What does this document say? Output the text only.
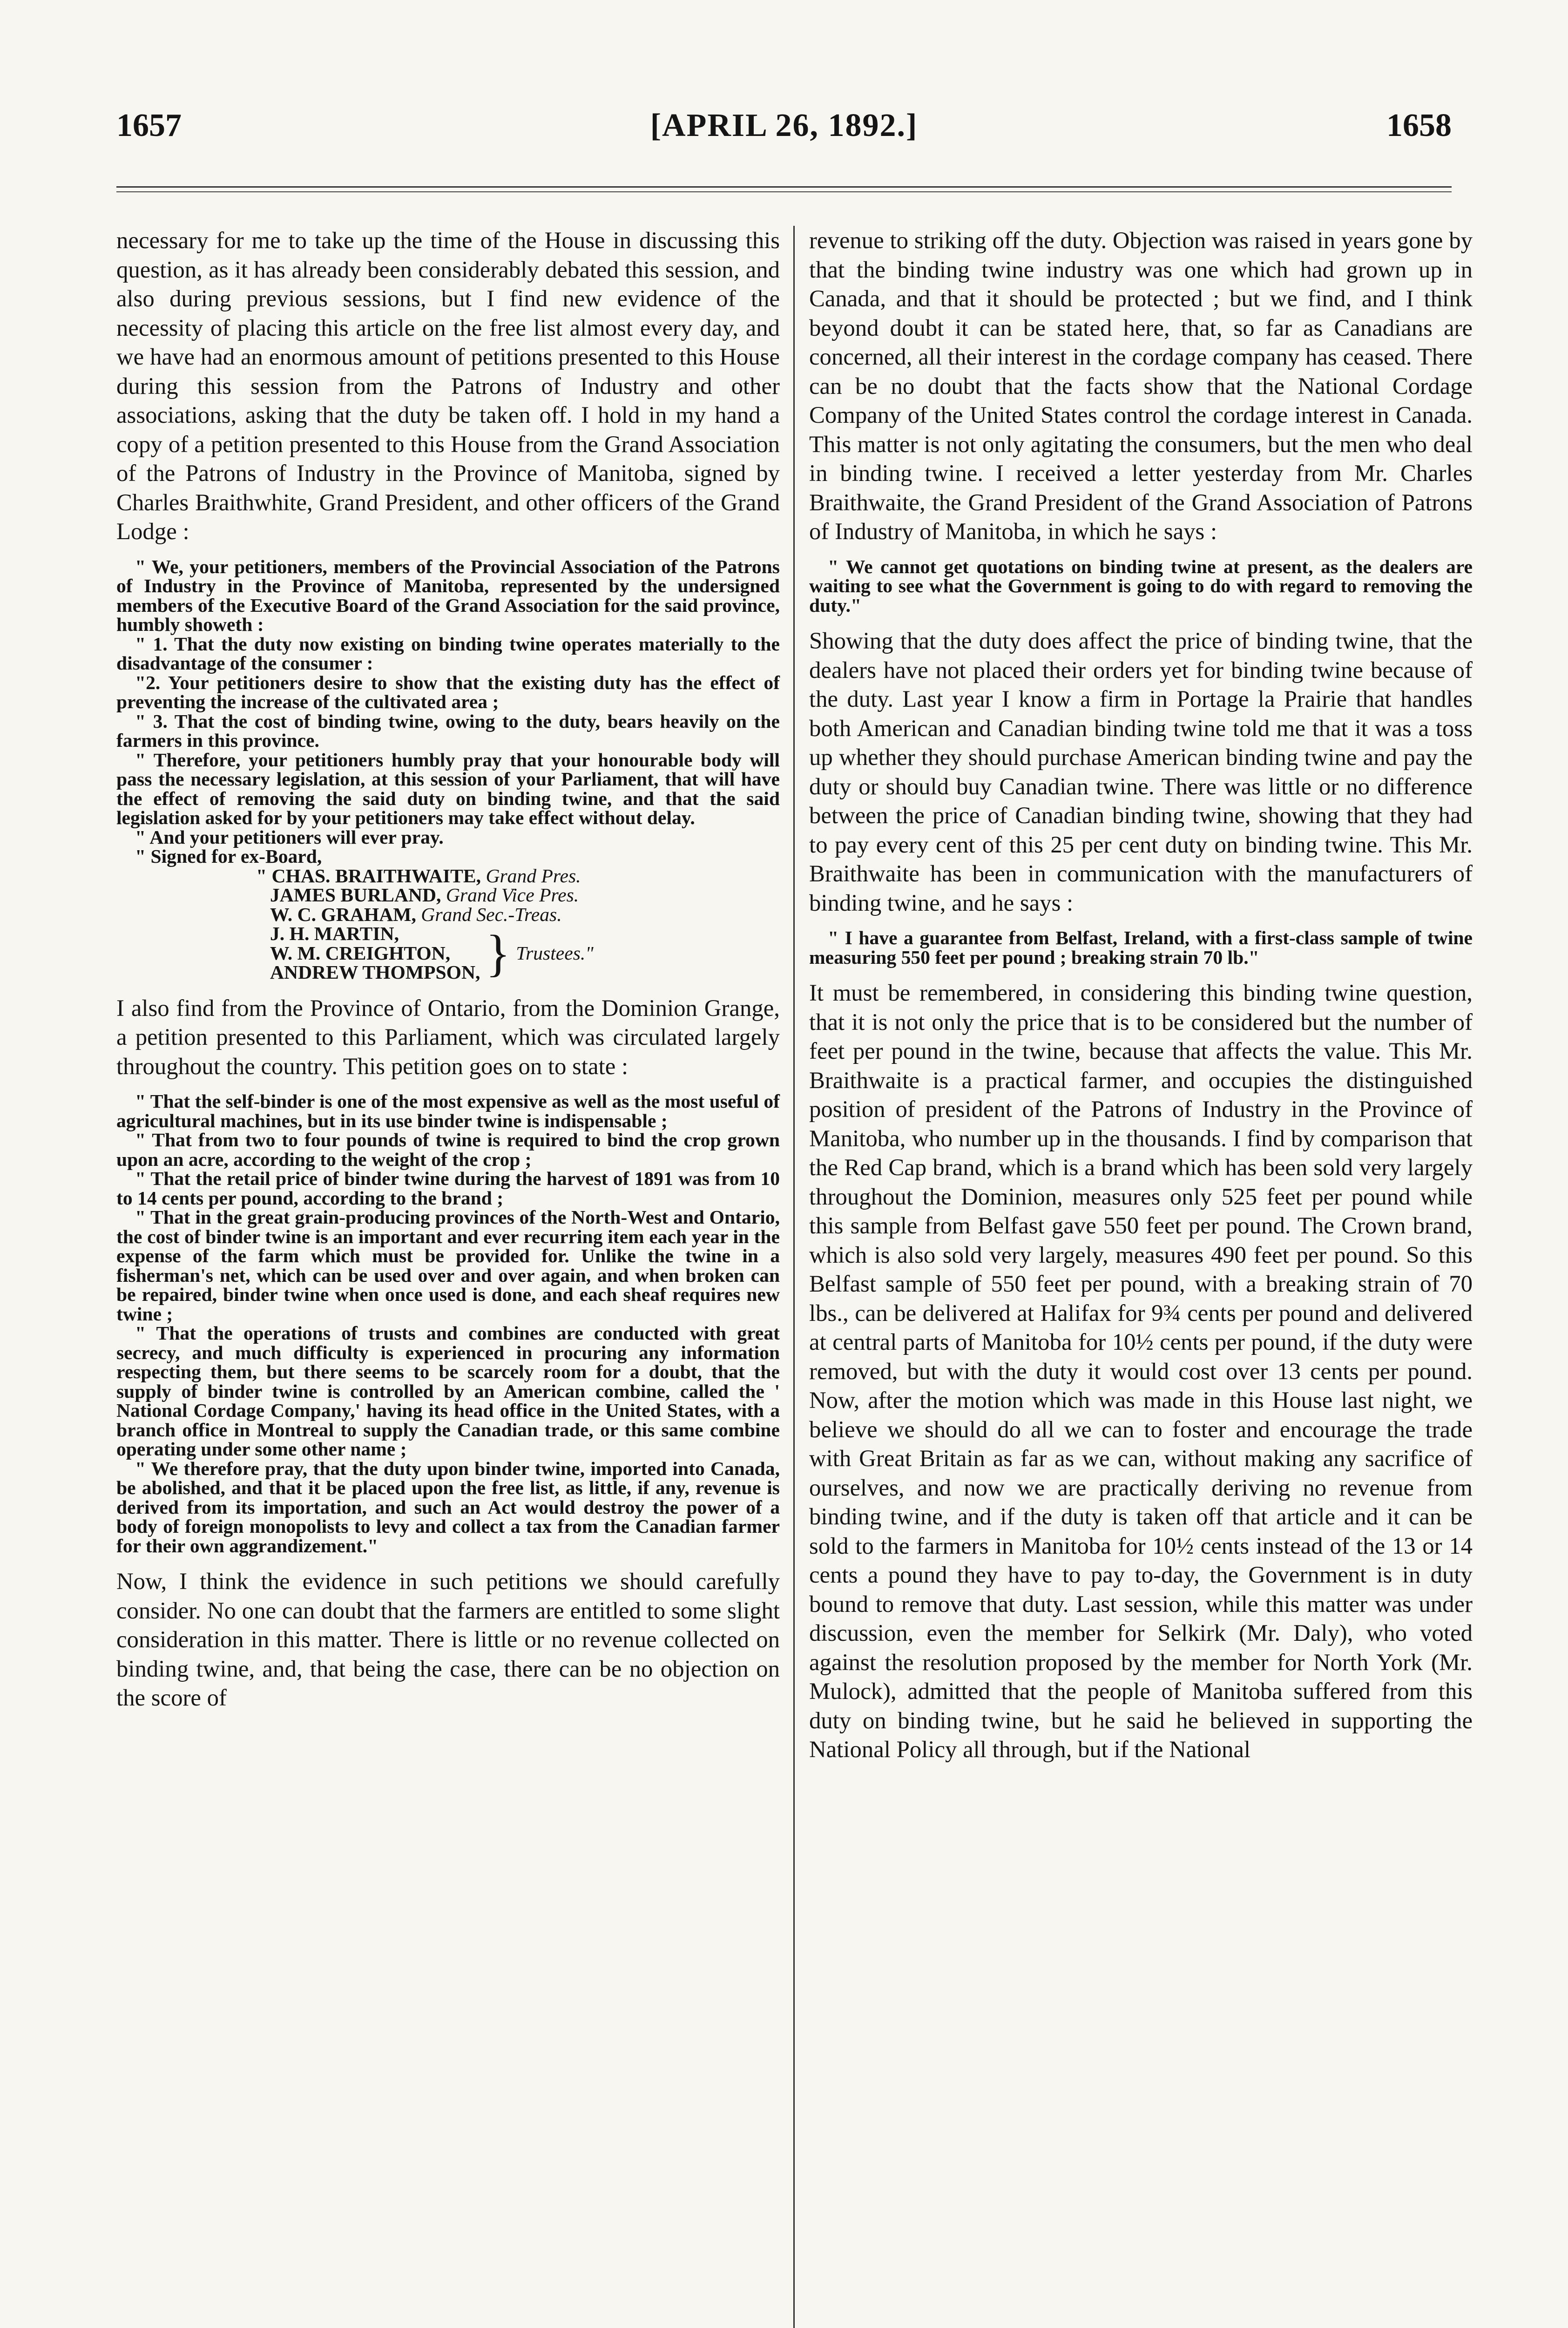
1657	[APRIL 26, 1892.]	1658

necessary for me to take up the time of the House in discussing this question, as it has already been considerably debated this session, and also during previous sessions, but I find new evidence of the necessity of placing this article on the free list almost every day, and we have had an enormous amount of petitions presented to this House during this session from the Patrons of Industry and other associations, asking that the duty be taken off. I hold in my hand a copy of a petition presented to this House from the Grand Association of the Patrons of Industry in the Province of Manitoba, signed by Charles Braithwhite, Grand President, and other officers of the Grand Lodge :

" We, your petitioners, members of the Provincial Association of the Patrons of Industry in the Province of Manitoba, represented by the undersigned members of the Executive Board of the Grand Association for the said province, humbly showeth :

" 1. That the duty now existing on binding twine operates materially to the disadvantage of the consumer :

"2. Your petitioners desire to show that the existing duty has the effect of preventing the increase of the cultivated area ;

" 3. That the cost of binding twine, owing to the duty, bears heavily on the farmers in this province.

" Therefore, your petitioners humbly pray that your honourable body will pass the necessary legislation, at this session of your Parliament, that will have the effect of removing the said duty on binding twine, and that the said legislation asked for by your petitioners may take effect without delay.

" And your petitioners will ever pray.

" Signed for ex-Board,
" CHAS. BRAITHWAITE, Grand Pres.
JAMES BURLAND, Grand Vice Pres.
W. C. GRAHAM, Grand Sec.-Treas.
J. H. MARTIN,
W. M. CREIGHTON,
ANDREW THOMPSON, } Trustees."

I also find from the Province of Ontario, from the Dominion Grange, a petition presented to this Parliament, which was circulated largely throughout the country. This petition goes on to state :

" That the self-binder is one of the most expensive as well as the most useful of agricultural machines, but in its use binder twine is indispensable ;

" That from two to four pounds of twine is required to bind the crop grown upon an acre, according to the weight of the crop ;

" That the retail price of binder twine during the harvest of 1891 was from 10 to 14 cents per pound, according to the brand ;

" That in the great grain-producing provinces of the North-West and Ontario, the cost of binder twine is an important and ever recurring item each year in the expense of the farm which must be provided for. Unlike the twine in a fisherman's net, which can be used over and over again, and when broken can be repaired, binder twine when once used is done, and each sheaf requires new twine ;

" That the operations of trusts and combines are conducted with great secrecy, and much difficulty is experienced in procuring any information respecting them, but there seems to be scarcely room for a doubt, that the supply of binder twine is controlled by an American combine, called the ' National Cordage Company,' having its head office in the United States, with a branch office in Montreal to supply the Canadian trade, or this same combine operating under some other name ;

" We therefore pray, that the duty upon binder twine, imported into Canada, be abolished, and that it be placed upon the free list, as little, if any, revenue is derived from its importation, and such an Act would destroy the power of a body of foreign monopolists to levy and collect a tax from the Canadian farmer for their own aggrandizement."

Now, I think the evidence in such petitions we should carefully consider. No one can doubt that the farmers are entitled to some slight consideration in this matter. There is little or no revenue collected on binding twine, and, that being the case, there can be no objection on the score of

revenue to striking off the duty. Objection was raised in years gone by that the binding twine industry was one which had grown up in Canada, and that it should be protected ; but we find, and I think beyond doubt it can be stated here, that, so far as Canadians are concerned, all their interest in the cordage company has ceased. There can be no doubt that the facts show that the National Cordage Company of the United States control the cordage interest in Canada. This matter is not only agitating the consumers, but the men who deal in binding twine. I received a letter yesterday from Mr. Charles Braithwaite, the Grand President of the Grand Association of Patrons of Industry of Manitoba, in which he says :

" We cannot get quotations on binding twine at present, as the dealers are waiting to see what the Government is going to do with regard to removing the duty."

Showing that the duty does affect the price of binding twine, that the dealers have not placed their orders yet for binding twine because of the duty. Last year I know a firm in Portage la Prairie that handles both American and Canadian binding twine told me that it was a toss up whether they should purchase American binding twine and pay the duty or should buy Canadian twine. There was little or no difference between the price of Canadian binding twine, showing that they had to pay every cent of this 25 per cent duty on binding twine. This Mr. Braithwaite has been in communication with the manufacturers of binding twine, and he says :

" I have a guarantee from Belfast, Ireland, with a first-class sample of twine measuring 550 feet per pound ; breaking strain 70 lb."

It must be remembered, in considering this binding twine question, that it is not only the price that is to be considered but the number of feet per pound in the twine, because that affects the value. This Mr. Braithwaite is a practical farmer, and occupies the distinguished position of president of the Patrons of Industry in the Province of Manitoba, who number up in the thousands. I find by comparison that the Red Cap brand, which is a brand which has been sold very largely throughout the Dominion, measures only 525 feet per pound while this sample from Belfast gave 550 feet per pound. The Crown brand, which is also sold very largely, measures 490 feet per pound. So this Belfast sample of 550 feet per pound, with a breaking strain of 70 lbs., can be delivered at Halifax for 9¾ cents per pound and delivered at central parts of Manitoba for 10½ cents per pound, if the duty were removed, but with the duty it would cost over 13 cents per pound. Now, after the motion which was made in this House last night, we believe we should do all we can to foster and encourage the trade with Great Britain as far as we can, without making any sacrifice of ourselves, and now we are practically deriving no revenue from binding twine, and if the duty is taken off that article and it can be sold to the farmers in Manitoba for 10½ cents instead of the 13 or 14 cents a pound they have to pay to-day, the Government is in duty bound to remove that duty. Last session, while this matter was under discussion, even the member for Selkirk (Mr. Daly), who voted against the resolution proposed by the member for North York (Mr. Mulock), admitted that the people of Manitoba suffered from this duty on binding twine, but he said he believed in supporting the National Policy all through, but if the National
